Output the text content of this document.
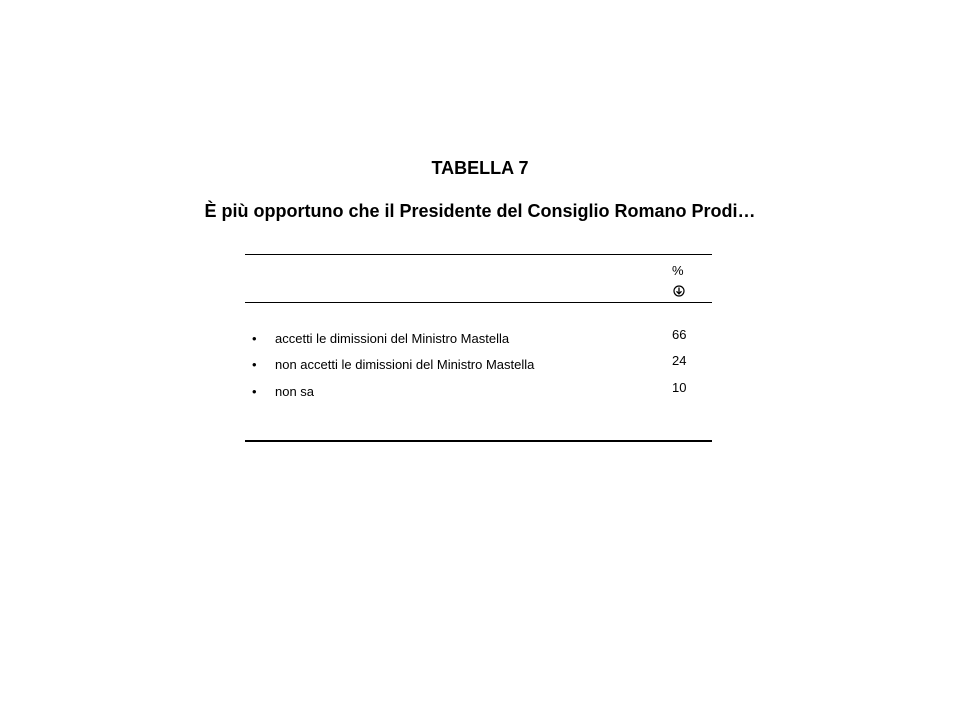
TABELLA 7
È più opportuno che il Presidente del Consiglio Romano Prodi…
%
• accetti le dimissioni del Ministro Mastella	66
• non accetti le dimissioni del Ministro Mastella	24
• non sa	10
